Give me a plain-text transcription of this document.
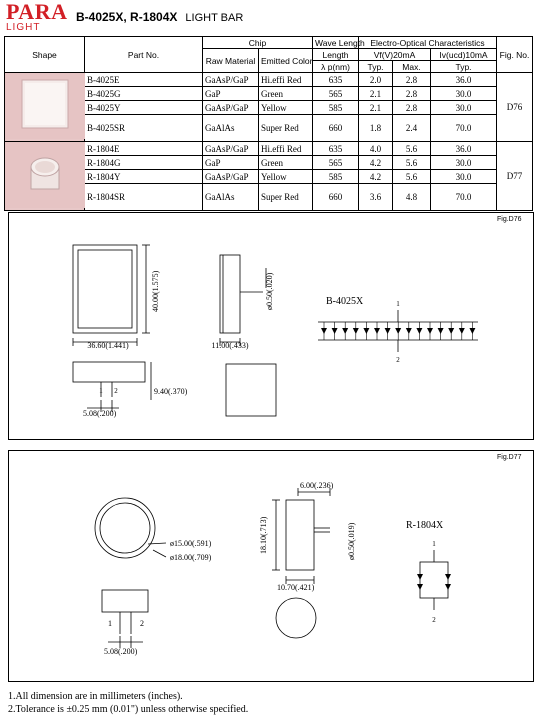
PARA
LIGHT
B-4025X, R-1804X LIGHT BAR
Shape	Part No.	Chip		Wave Length	Electro-Optical Characteristics			Fig. No.
		Raw Material	Emitted Color	Length	Vf(V)20mA		Iv(ucd)10mA	
				λ p(nm)	Typ.	Max.	Typ.	
	B-4025E	GaAsP/GaP	Hi.effi Red	635	2.0	2.8	36.0	D76
	B-4025G	GaP	Green	565	2.1	2.8	30.0	
	B-4025Y	GaAsP/GaP	Yellow	585	2.1	2.8	30.0	
	B-4025SR	GaAlAs	Super Red	660	1.8	2.4	70.0	
	R-1804E	GaAsP/GaP	Hi.effi Red	635	4.0	5.6	36.0	D77
	R-1804G	GaP	Green	565	4.2	5.6	30.0	
	R-1804Y	GaAsP/GaP	Yellow	585	4.2	5.6	30.0	
	R-1804SR	GaAlAs	Super Red	660	3.6	4.8	70.0	
Fig.D76
36.60(1.441)
40.00(1.575)
11.00(.433)
ø0.50(.020)
9.40(.370)
1 2
5.08(.200)
B-4025X	1
2
Fig.D77
ø15.00(.591)
ø18.00(.709)
6.00(.236)
18.10(.713)	ø0.50(.019)
10.70(.421)
1	2
5.08(.200)
R-1804X
1
2
1.All dimension are in millimeters (inches).
2.Tolerance is ±0.25 mm (0.01") unless otherwise specified.
